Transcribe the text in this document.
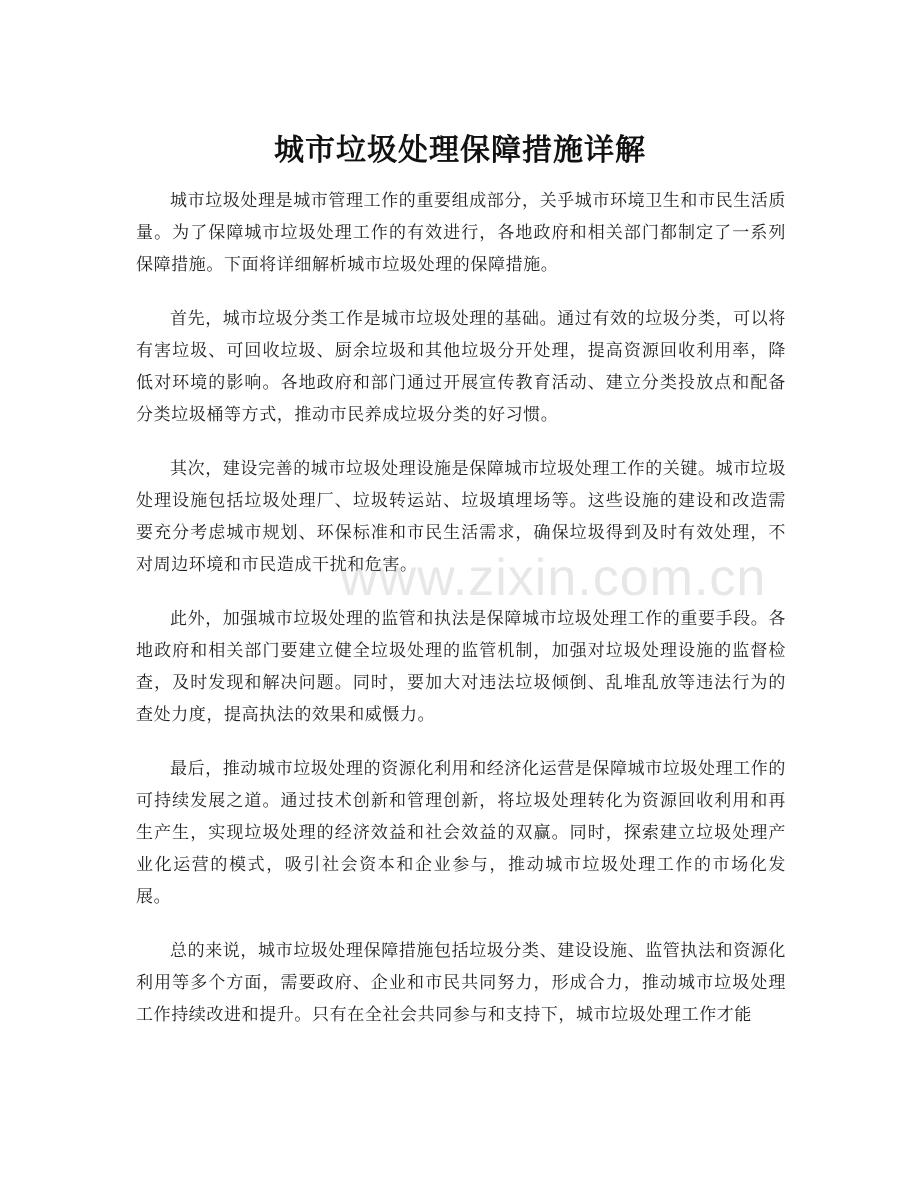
城市垃圾处理保障措施详解

城市垃圾处理是城市管理工作的重要组成部分，关乎城市环境卫生和市民生活质量。为了保障城市垃圾处理工作的有效进行，各地政府和相关部门都制定了一系列保障措施。下面将详细解析城市垃圾处理的保障措施。

首先，城市垃圾分类工作是城市垃圾处理的基础。通过有效的垃圾分类，可以将有害垃圾、可回收垃圾、厨余垃圾和其他垃圾分开处理，提高资源回收利用率，降低对环境的影响。各地政府和部门通过开展宣传教育活动、建立分类投放点和配备分类垃圾桶等方式，推动市民养成垃圾分类的好习惯。

其次，建设完善的城市垃圾处理设施是保障城市垃圾处理工作的关键。城市垃圾处理设施包括垃圾处理厂、垃圾转运站、垃圾填埋场等。这些设施的建设和改造需要充分考虑城市规划、环保标准和市民生活需求，确保垃圾得到及时有效处理，不对周边环境和市民造成干扰和危害。

此外，加强城市垃圾处理的监管和执法是保障城市垃圾处理工作的重要手段。各地政府和相关部门要建立健全垃圾处理的监管机制，加强对垃圾处理设施的监督检查，及时发现和解决问题。同时，要加大对违法垃圾倾倒、乱堆乱放等违法行为的查处力度，提高执法的效果和威慑力。

最后，推动城市垃圾处理的资源化利用和经济化运营是保障城市垃圾处理工作的可持续发展之道。通过技术创新和管理创新，将垃圾处理转化为资源回收利用和再生产生，实现垃圾处理的经济效益和社会效益的双赢。同时，探索建立垃圾处理产业化运营的模式，吸引社会资本和企业参与，推动城市垃圾处理工作的市场化发展。

总的来说，城市垃圾处理保障措施包括垃圾分类、建设设施、监管执法和资源化利用等多个方面，需要政府、企业和市民共同努力，形成合力，推动城市垃圾处理工作持续改进和提升。只有在全社会共同参与和支持下，城市垃圾处理工作才能

www.zixin.com.cn
